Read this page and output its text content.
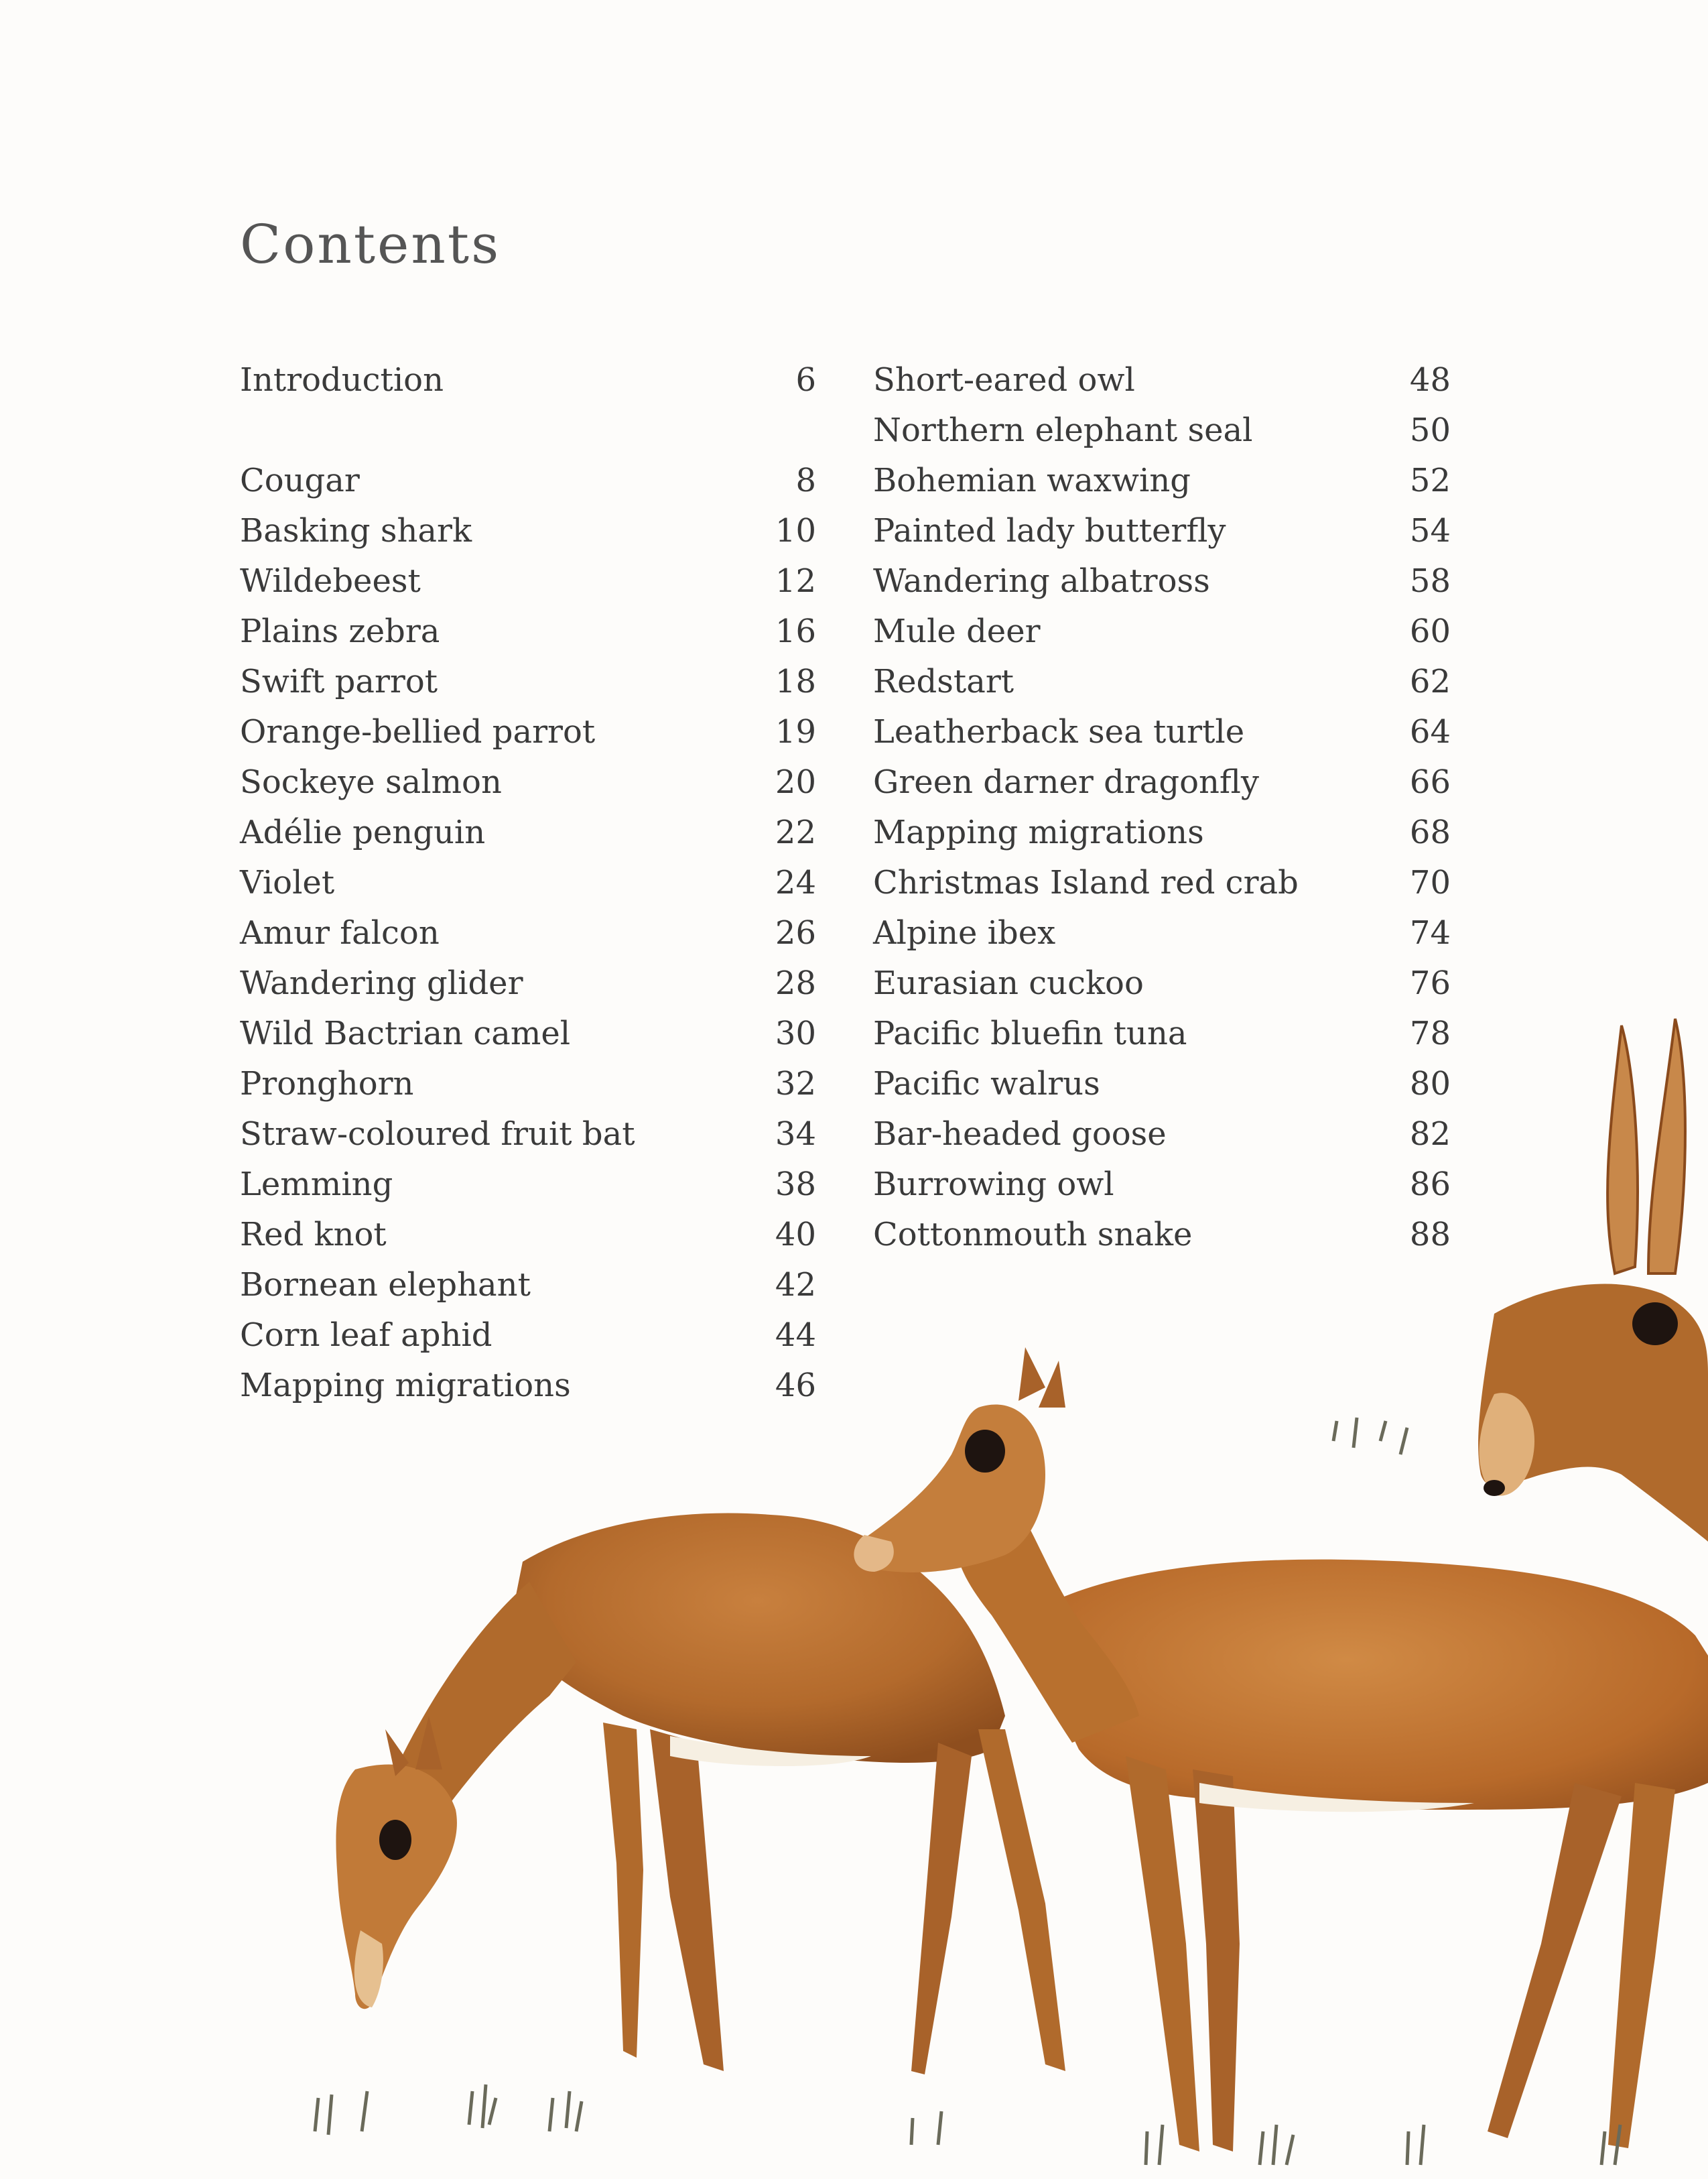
Contents
Introduction	6
Cougar	8
Basking shark	10
Wildebeest	12
Plains zebra	16
Swift parrot	18
Orange-bellied parrot	19
Sockeye salmon	20
Adélie penguin	22
Violet	24
Amur falcon	26
Wandering glider	28
Wild Bactrian camel	30
Pronghorn	32
Straw-coloured fruit bat	34
Lemming	38
Red knot	40
Bornean elephant	42
Corn leaf aphid	44
Mapping migrations	46
Short-eared owl	48
Northern elephant seal	50
Bohemian waxwing	52
Painted lady butterfly	54
Wandering albatross	58
Mule deer	60
Redstart	62
Leatherback sea turtle	64
Green darner dragonfly	66
Mapping migrations	68
Christmas Island red crab	70
Alpine ibex	74
Eurasian cuckoo	76
Pacific bluefin tuna	78
Pacific walrus	80
Bar-headed goose	82
Burrowing owl	86
Cottonmouth snake	88
